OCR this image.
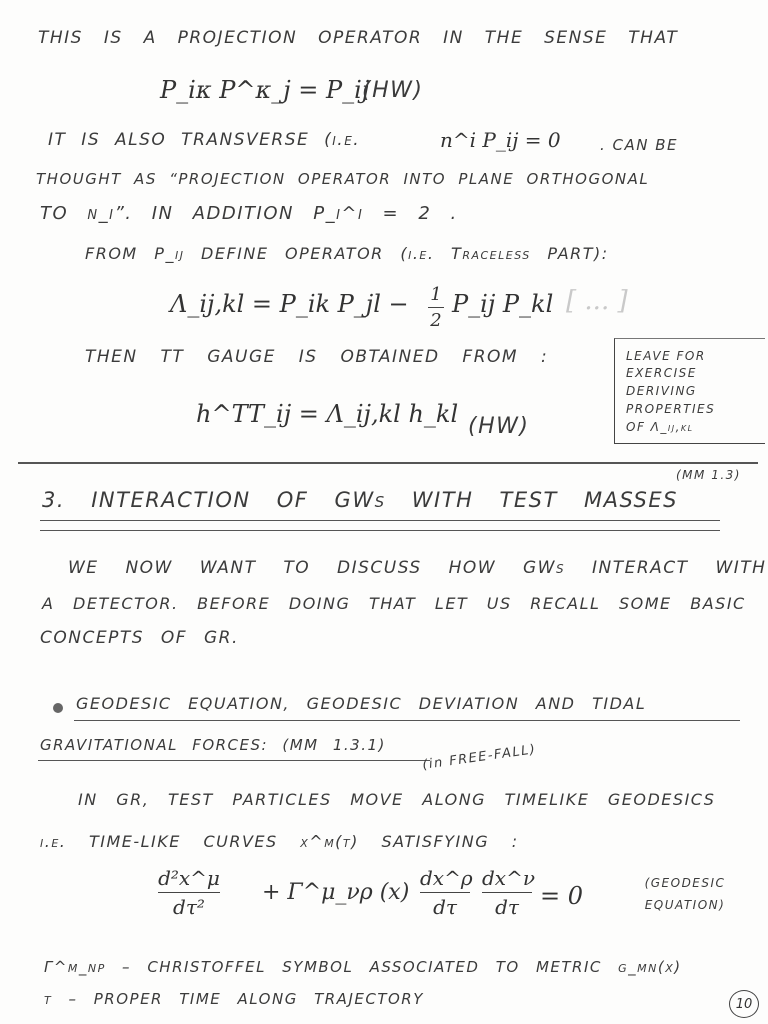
THIS IS A PROJECTION OPERATOR IN THE SENSE THAT
P_iκ P^κ_j = P_ij
(HW)
IT IS ALSO TRANSVERSE (i.e.	n^i P_ij = 0	. CAN BE
THOUGHT AS “PROJECTION OPERATOR INTO PLANE ORTHOGONAL
TO n_i”. IN ADDITION P_i^i = 2 .
FROM P_ij DEFINE OPERATOR (i.e. Traceless PART):
Λ_ij,kl = P_ik P_jl − 1
2
P_ij P_kl [ ... ]
THEN TT GAUGE IS OBTAINED FROM :
h^TT_ij = Λ_ij,kl h_kl (HW)
LEAVE FOR
EXERCISE
DERIVING
PROPERTIES
OF Λ_ij,kl
(MM 1.3)
3. INTERACTION OF GWs WITH TEST MASSES
WE NOW WANT TO DISCUSS HOW GWs INTERACT WITH
A DETECTOR. BEFORE DOING THAT LET US RECALL SOME BASIC
CONCEPTS OF GR.
GEODESIC EQUATION, GEODESIC DEVIATION AND TIDAL
GRAVITATIONAL FORCES: (MM 1.3.1)	(in FREE-FALL)
IN GR, TEST PARTICLES MOVE ALONG TIMELIKE GEODESICS
i.e. TIME-LIKE CURVES x^μ(τ) SATISFYING :
d²x^μ
dτ²
+ Γ^μ_νρ (x)
dx^ρ
dτ
dx^ν
dτ = 0	(GEODESIC EQUATION)
Γ^μ_νρ – CHRISTOFFEL SYMBOL ASSOCIATED TO METRIC g_μν(x)
τ – PROPER TIME ALONG TRAJECTORY	10
